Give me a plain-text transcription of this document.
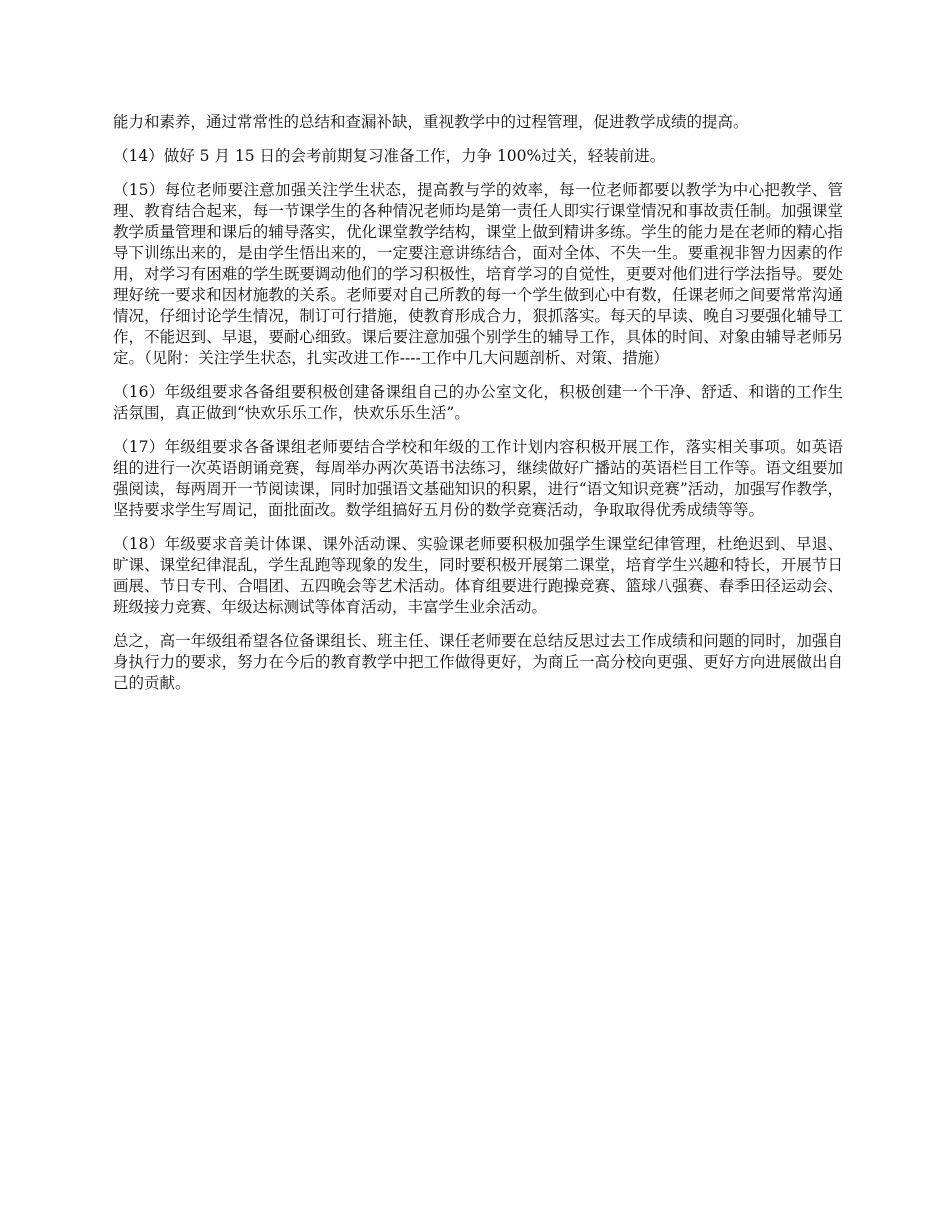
能力和素养，通过常常性的总结和查漏补缺，重视教学中的过程管理，促进教学成绩的提高。

（14）做好 5 月 15 日的会考前期复习准备工作，力争 100%过关，轻装前进。

（15）每位老师要注意加强关注学生状态，提高教与学的效率，每一位老师都要以教学为中心把教学、管理、教育结合起来，每一节课学生的各种情况老师均是第一责任人即实行课堂情况和事故责任制。加强课堂教学质量管理和课后的辅导落实，优化课堂教学结构，课堂上做到精讲多练。学生的能力是在老师的精心指导下训练出来的，是由学生悟出来的，一定要注意讲练结合，面对全体、不失一生。要重视非智力因素的作用，对学习有困难的学生既要调动他们的学习积极性，培育学习的自觉性，更要对他们进行学法指导。要处理好统一要求和因材施教的关系。老师要对自己所教的每一个学生做到心中有数，任课老师之间要常常沟通情况，仔细讨论学生情况，制订可行措施，使教育形成合力，狠抓落实。每天的早读、晚自习要强化辅导工作，不能迟到、早退，要耐心细致。课后要注意加强个别学生的辅导工作，具体的时间、对象由辅导老师另定。（见附：关注学生状态，扎实改进工作----工作中几大问题剖析、对策、措施）

（16）年级组要求各备组要积极创建备课组自己的办公室文化，积极创建一个干净、舒适、和谐的工作生活氛围，真正做到“快欢乐乐工作，快欢乐乐生活”。

（17）年级组要求各备课组老师要结合学校和年级的工作计划内容积极开展工作，落实相关事项。如英语组的进行一次英语朗诵竞赛，每周举办两次英语书法练习，继续做好广播站的英语栏目工作等。语文组要加强阅读，每两周开一节阅读课，同时加强语文基础知识的积累，进行“语文知识竞赛”活动，加强写作教学，坚持要求学生写周记，面批面改。数学组搞好五月份的数学竞赛活动，争取取得优秀成绩等等。

（18）年级要求音美计体课、课外活动课、实验课老师要积极加强学生课堂纪律管理，杜绝迟到、早退、旷课、课堂纪律混乱，学生乱跑等现象的发生，同时要积极开展第二课堂，培育学生兴趣和特长，开展节日画展、节日专刊、合唱团、五四晚会等艺术活动。体育组要进行跑操竞赛、篮球八强赛、春季田径运动会、班级接力竞赛、年级达标测试等体育活动，丰富学生业余活动。

总之，高一年级组希望各位备课组长、班主任、课任老师要在总结反思过去工作成绩和问题的同时，加强自身执行力的要求，努力在今后的教育教学中把工作做得更好，为商丘一高分校向更强、更好方向进展做出自己的贡献。
